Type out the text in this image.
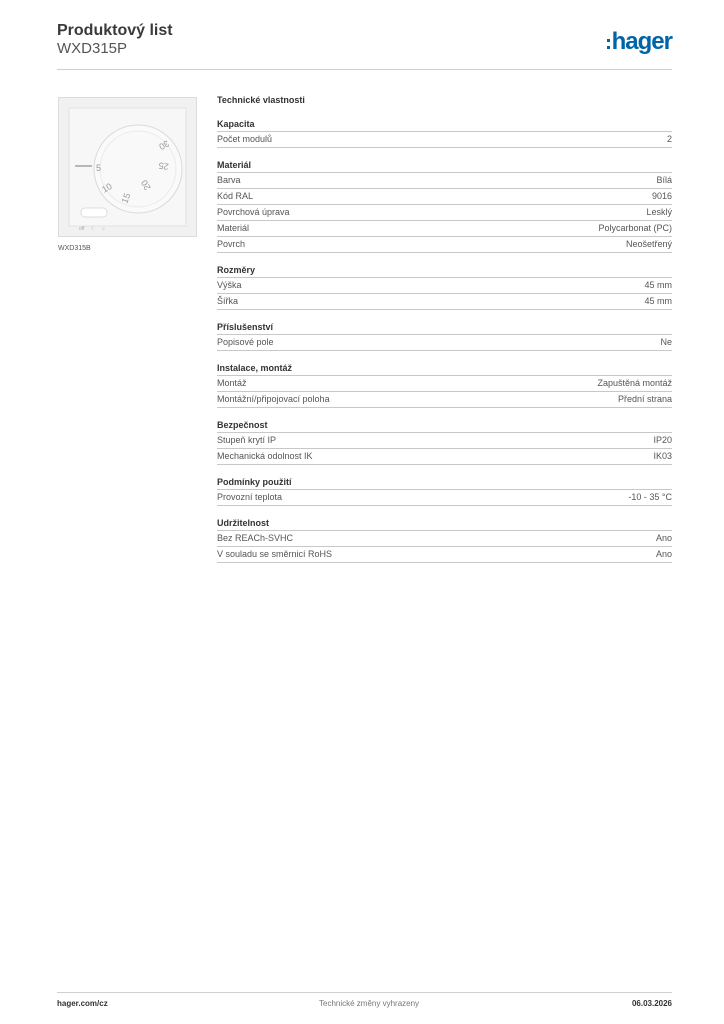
Produktový list
WXD315P	hager
5
10
15
20
25
30
off ☾ ☼
WXD315B
Technické vlastnosti
Kapacita
Počet modulů	2
Materiál
Barva	Bílá
Kód RAL	9016
Povrchová úprava	Lesklý
Materiál	Polycarbonat (PC)
Povrch	Neošetřený
Rozměry
Výška	45 mm
Šířka	45 mm
Příslušenství
Popisové pole	Ne
Instalace, montáž
Montáž	Zapuštěná montáž
Montážní/připojovací poloha	Přední strana
Bezpečnost
Stupeň krytí IP	IP20
Mechanická odolnost IK	IK03
Podmínky použití
Provozní teplota	-10 - 35 °C
Udržitelnost
Bez REACh-SVHC	Ano
V souladu se směrnicí RoHS	Ano
hager.com/cz	Technické změny vyhrazeny	06.03.2026
